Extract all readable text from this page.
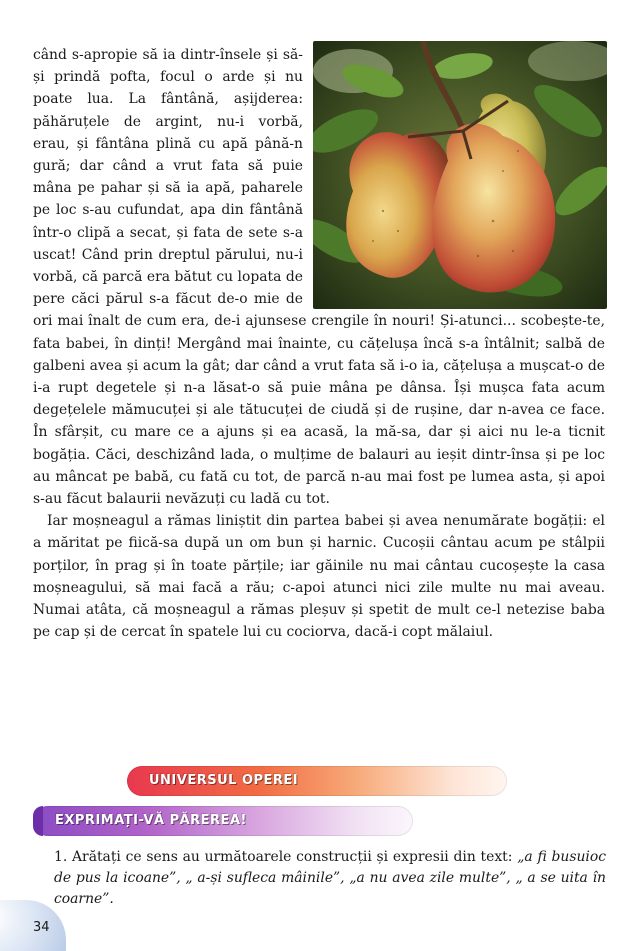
când s-apropie să ia dintr-însele și să-și prindă pofta, focul o arde și nu poate lua. La fântână, așijderea: păhăruțele de argint, nu-i vorbă, erau, și fântâna plină cu apă până-n gură; dar când a vrut fata să puie mâna pe pahar și să ia apă, paharele pe loc s-au cufundat, apa din fântână într-o clipă a secat, și fata de sete s-a uscat! Când prin dreptul părului, nu-i vorbă, că parcă era bătut cu lopata de pere căci părul s-a făcut de-o mie de ori mai înalt de cum era, de-i ajunsese crengile în nouri! Și-atunci... scobește-te, fata babei, în dinți! Mergând mai înainte, cu cățelușa încă s-a întâlnit; salbă de galbeni avea și acum la gât; dar când a vrut fata să i-o ia, cățelușa a mușcat-o de i-a rupt degetele și n-a lăsat-o să puie mâna pe dânsa. Își mușca fata acum degețelele mămucuței și ale tătucuței de ciudă și de rușine, dar n-avea ce face. În sfârșit, cu mare ce a ajuns și ea acasă, la mă-sa, dar și aici nu le-a ticnit bogăția. Căci, deschizând lada, o mulțime de balauri au ieșit dintr-însa și pe loc au mâncat pe babă, cu fată cu tot, de parcă n-au mai fost pe lumea asta, și apoi s-au făcut balaurii nevăzuți cu ladă cu tot.

Iar moșneagul a rămas liniștit din partea babei și avea nenumărate bogății: el a măritat pe fiică-sa după un om bun și harnic. Cucoșii cântau acum pe stâlpii porților, în prag și în toate părțile; iar găinile nu mai cântau cucoșește la casa moșneagului, să mai facă a rău; c-apoi atunci nici zile multe nu mai aveau. Numai atâta, că moșneagul a rămas pleșuv și spetit de mult ce-l netezise baba pe cap și de cercat în spatele lui cu cociorva, dacă-i copt mălaiul.

UNIVERSUL OPEREI
EXPRIMAȚI-VĂ PĂREREA!

1. Arătați ce sens au următoarele construcții și expresii din text: „a fi busuioc de pus la icoane”, „ a-și sufleca mâinile”, „a nu avea zile multe”, „ a se uita în coarne”.

34
